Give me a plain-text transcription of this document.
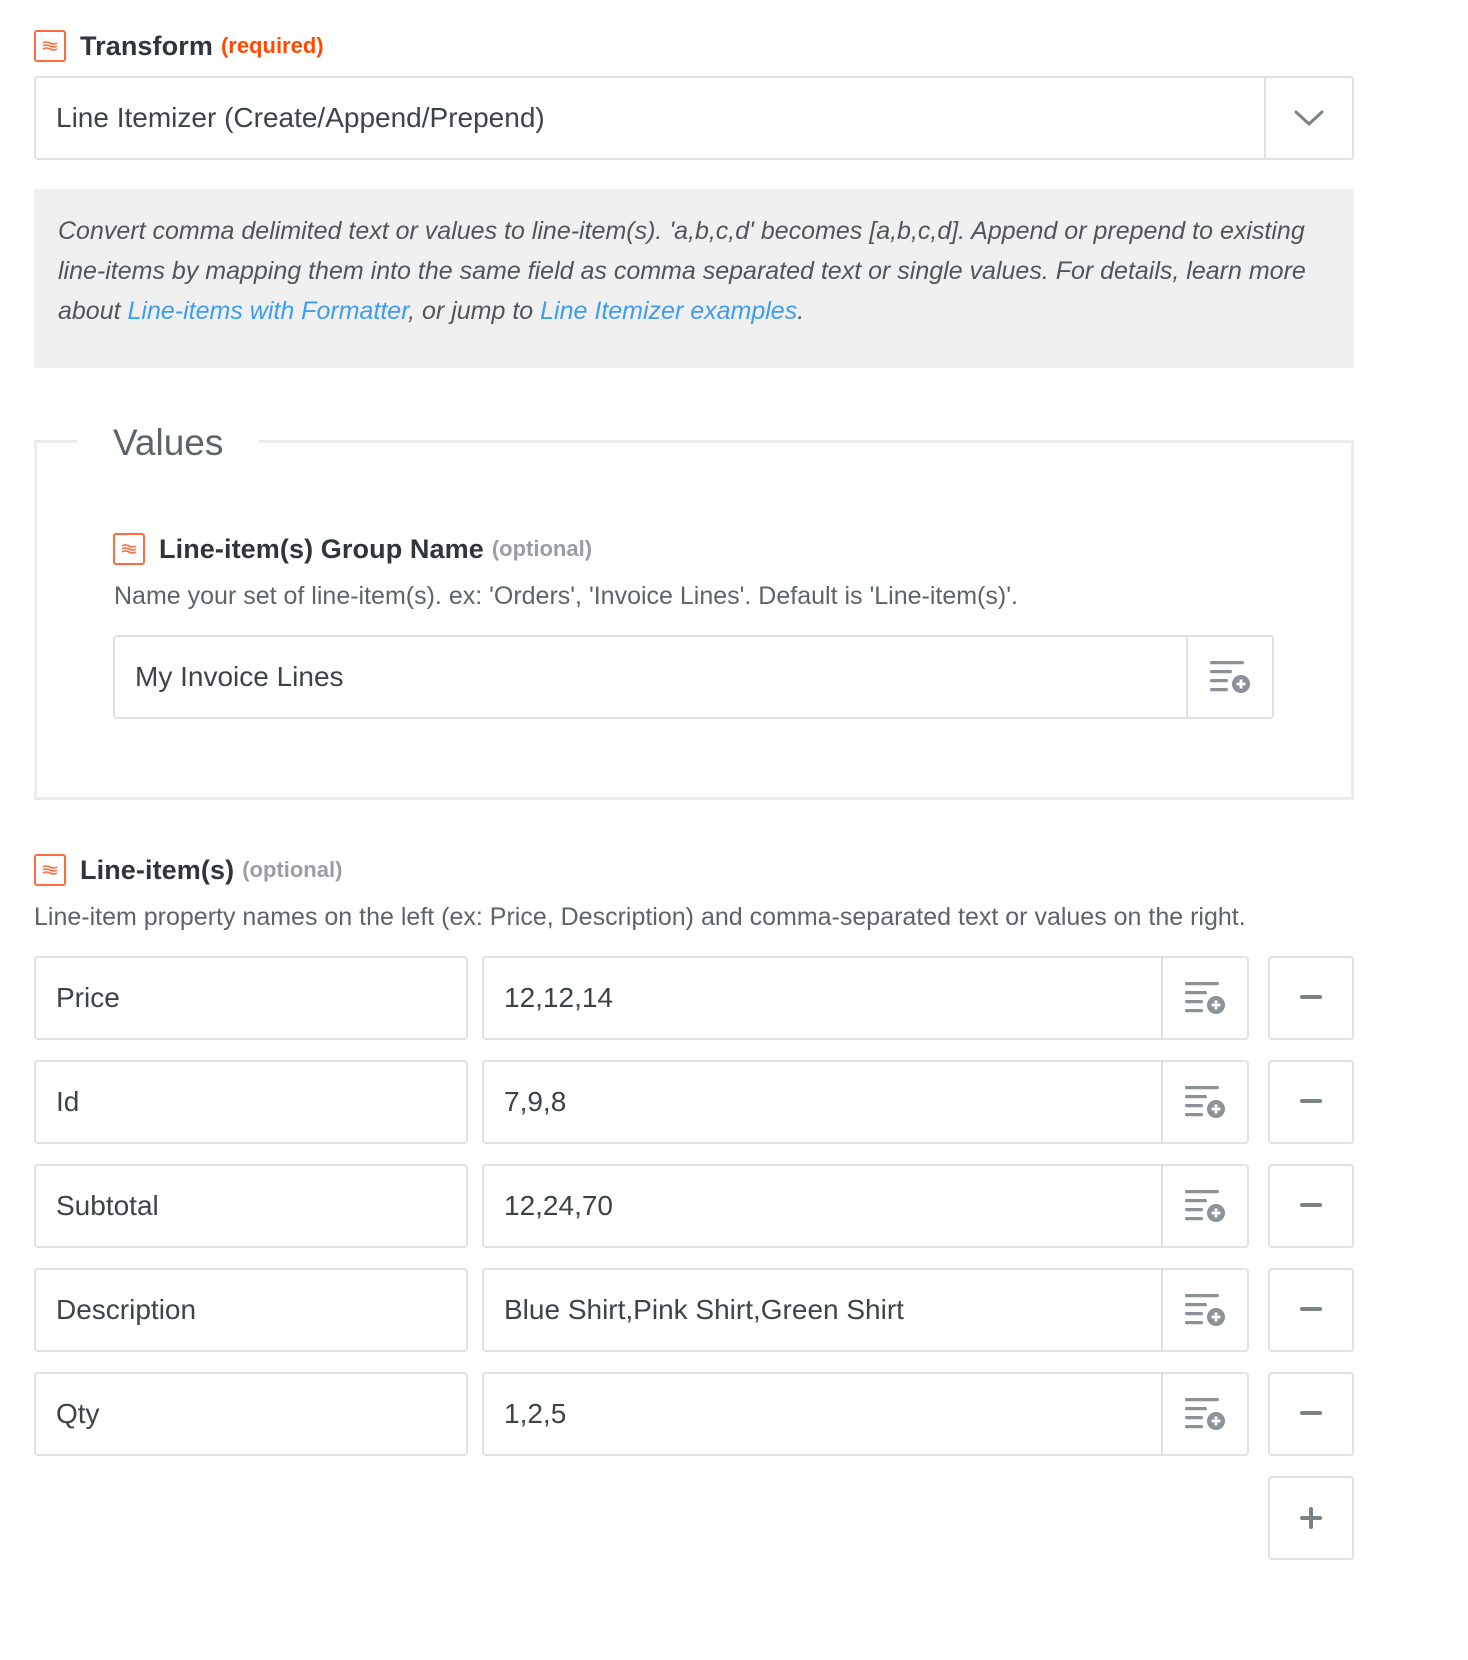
Transform (required)
Line Itemizer (Create/Append/Prepend)
Convert comma delimited text or values to line-item(s). 'a,b,c,d' becomes [a,b,c,d]. Append or prepend to existing line-items by mapping them into the same field as comma separated text or single values. For details, learn more about Line-items with Formatter, or jump to Line Itemizer examples.
Values
Line-item(s) Group Name (optional)
Name your set of line-item(s). ex: 'Orders', 'Invoice Lines'. Default is 'Line-item(s)'.
My Invoice Lines
Line-item(s) (optional)
Line-item property names on the left (ex: Price, Description) and comma-separated text or values on the right.
Price	12,12,14
Id	7,9,8
Subtotal	12,24,70
Description	Blue Shirt,Pink Shirt,Green Shirt
Qty	1,2,5
